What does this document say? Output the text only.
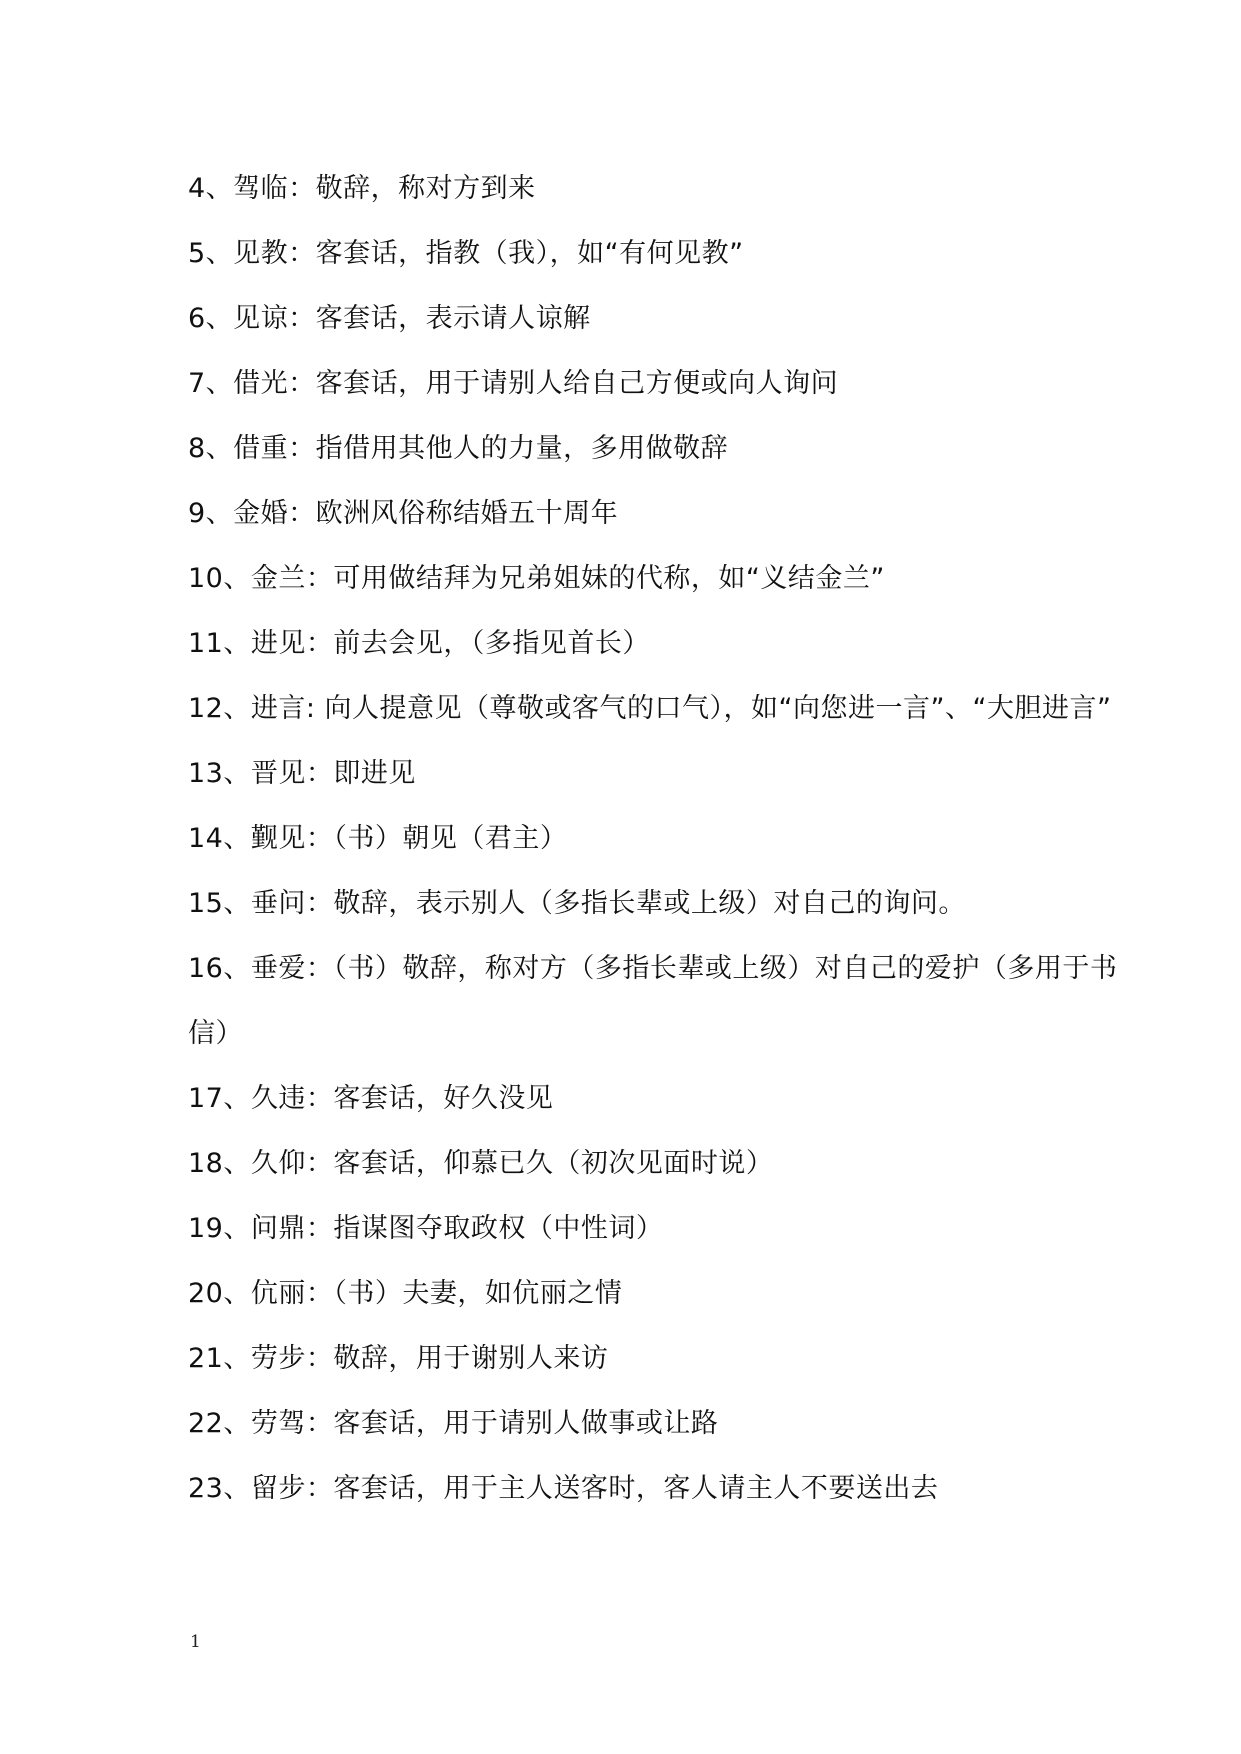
4、驾临：敬辞，称对方到来
5、见教：客套话，指教（我），如“有何见教”
6、见谅：客套话，表示请人谅解
7、借光：客套话，用于请别人给自己方便或向人询问
8、借重：指借用其他人的力量，多用做敬辞
9、金婚：欧洲风俗称结婚五十周年
10、金兰：可用做结拜为兄弟姐妹的代称，如“义结金兰”
11、进见：前去会见，（多指见首长）
12、进言: 向人提意见（尊敬或客气的口气），如“向您进一言”、“大胆进言”
13、晋见：即进见
14、觐见：（书）朝见（君主）
15、垂问：敬辞，表示别人（多指长辈或上级）对自己的询问。
16、垂爱：（书）敬辞，称对方（多指长辈或上级）对自己的爱护（多用于书信）
17、久违：客套话，好久没见
18、久仰：客套话，仰慕已久（初次见面时说）
19、问鼎：指谋图夺取政权（中性词）
20、伉丽：（书）夫妻，如伉丽之情
21、劳步：敬辞，用于谢别人来访
22、劳驾：客套话，用于请别人做事或让路
23、留步：客套话，用于主人送客时，客人请主人不要送出去
1
